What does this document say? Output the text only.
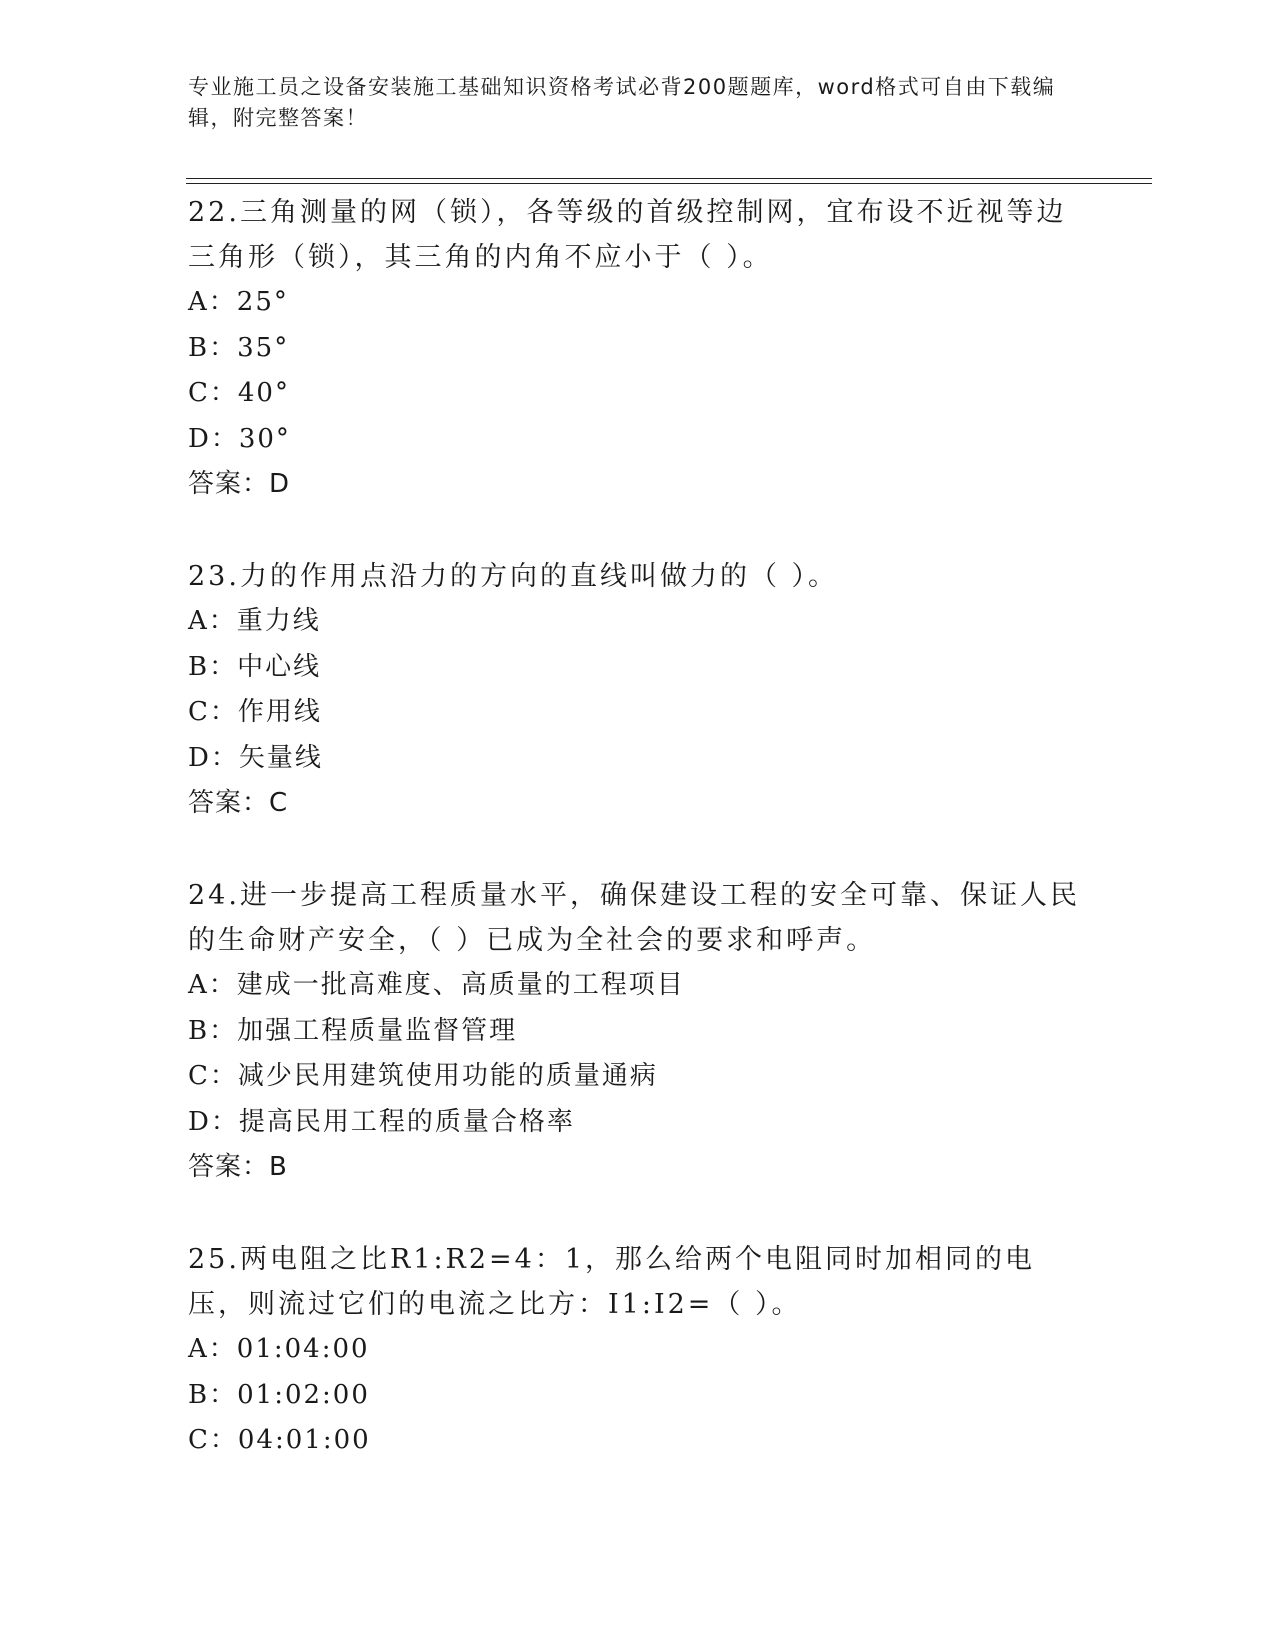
专业施工员之设备安装施工基础知识资格考试必背200题题库，word格式可自由下载编辑，附完整答案！

22.三角测量的网（锁），各等级的首级控制网，宜布设不近视等边三角形（锁），其三角的内角不应小于（ ）。

A：25°

B：35°

C：40°

D：30°

答案：D

23.力的作用点沿力的方向的直线叫做力的（ ）。

A：重力线

B：中心线

C：作用线

D：矢量线

答案：C

24.进一步提高工程质量水平，确保建设工程的安全可靠、保证人民的生命财产安全，（ ）已成为全社会的要求和呼声。

A：建成一批高难度、高质量的工程项目

B：加强工程质量监督管理

C：减少民用建筑使用功能的质量通病

D：提高民用工程的质量合格率

答案：B

25.两电阻之比R1:R2=4：1，那么给两个电阻同时加相同的电压，则流过它们的电流之比方：I1:I2=（ ）。

A：01:04:00

B：01:02:00

C：04:01:00
